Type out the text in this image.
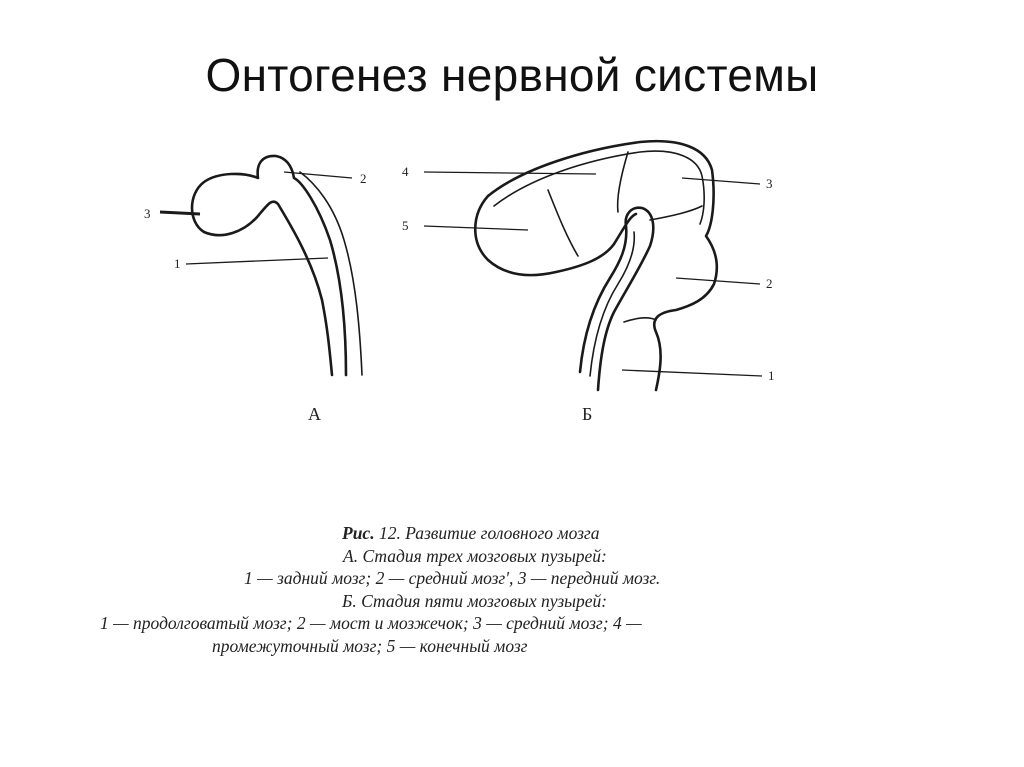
Онтогенез нервной системы
2
3
1
А
4
5
3
2
1
Б
Рис. 12. Развитие головного мозга
А. Стадия трех мозговых пузырей:
1 — задний мозг; 2 — средний мозг', 3 — передний мозг.
Б. Стадия пяти мозговых пузырей:
1 — продолговатый мозг; 2 — мост и мозжечок; 3 — средний мозг; 4 —
промежуточный мозг; 5 — конечный мозг
